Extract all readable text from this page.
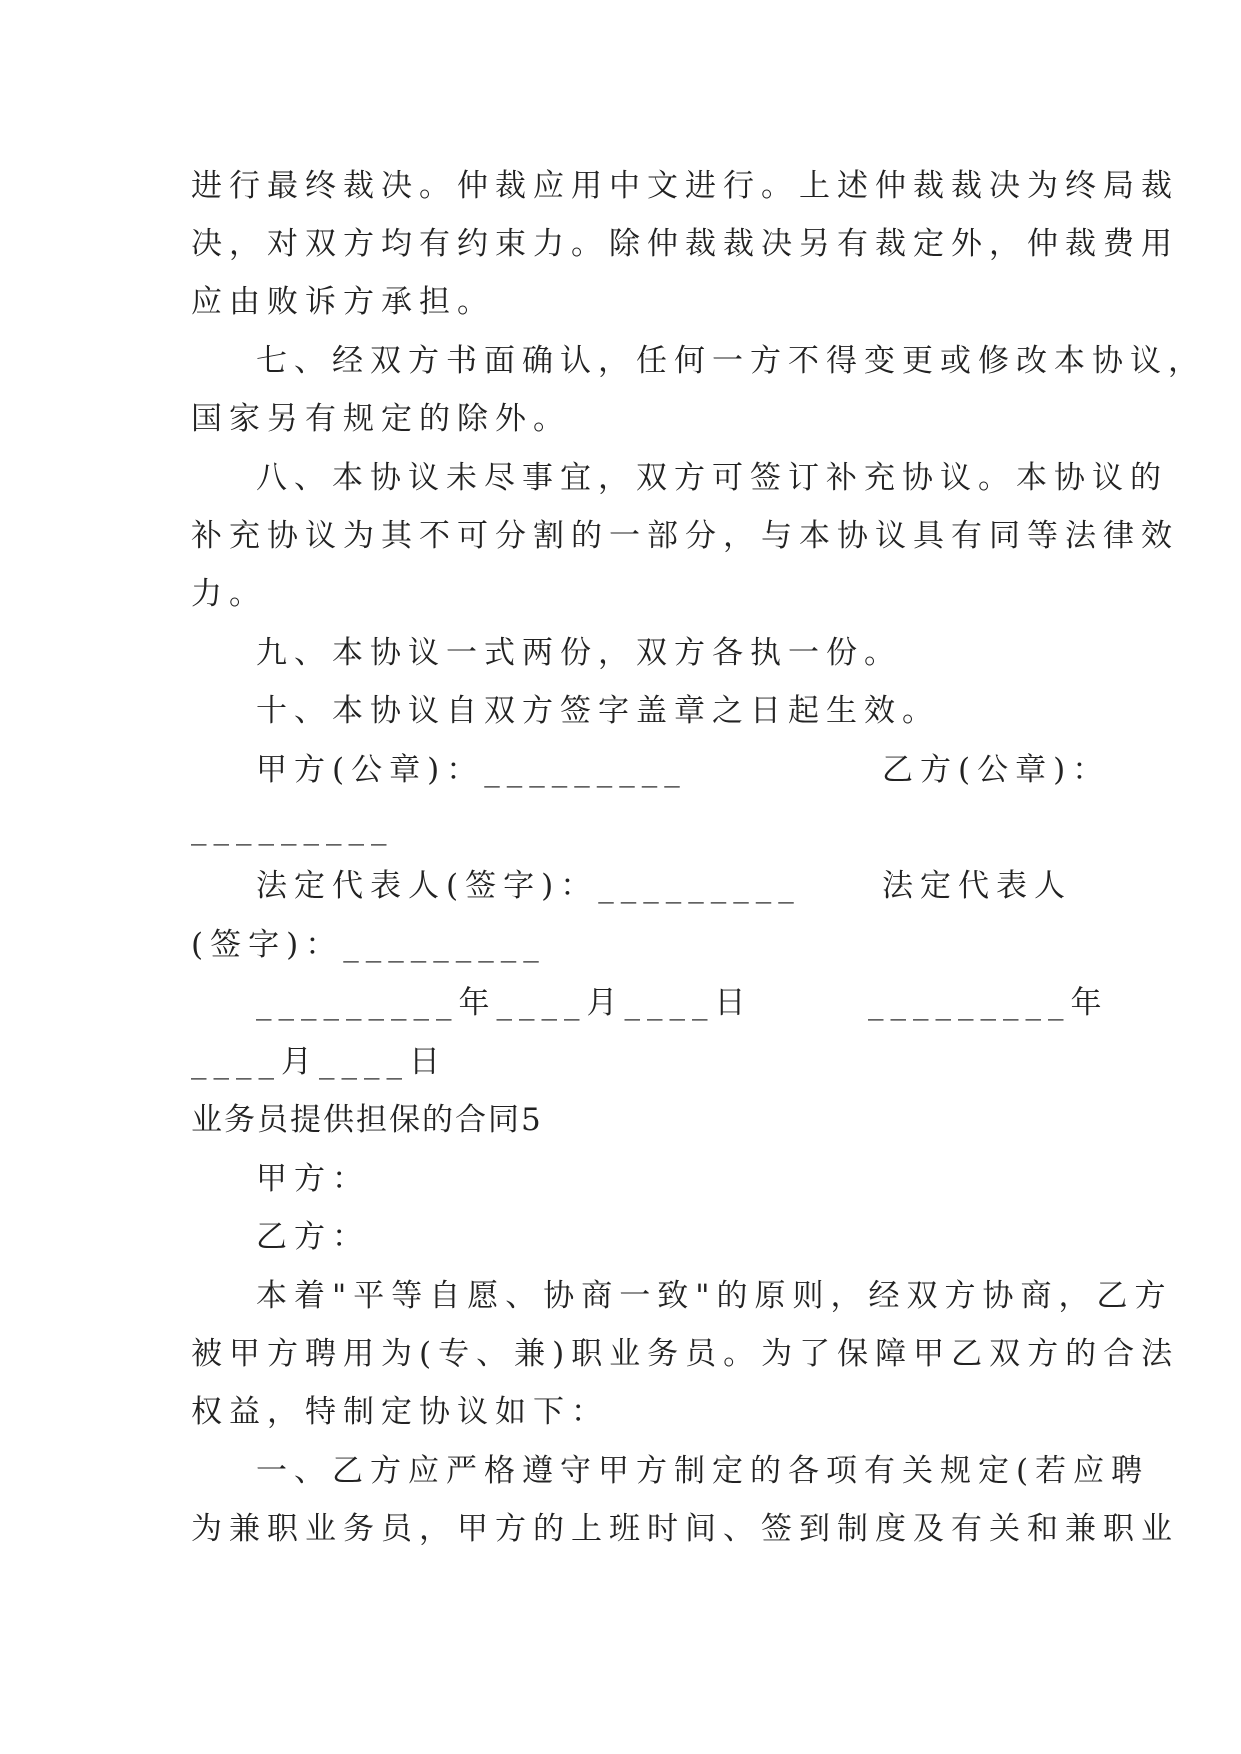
进行最终裁决。仲裁应用中文进行。上述仲裁裁决为终局裁
决，对双方均有约束力。除仲裁裁决另有裁定外，仲裁费用
应由败诉方承担。
七、经双方书面确认，任何一方不得变更或修改本协议，
国家另有规定的除外。
八、本协议未尽事宜，双方可签订补充协议。本协议的
补充协议为其不可分割的一部分，与本协议具有同等法律效
力。
九、本协议一式两份，双方各执一份。
十、本协议自双方签字盖章之日起生效。
甲方(公章)：_________	乙方(公章)：
_________
法定代表人(签字)：_________	法定代表人
(签字)：_________
_________年____月____日	_________年
____月____日
业务员提供担保的合同5
甲方：
乙方：
本着"平等自愿、协商一致"的原则，经双方协商，乙方
被甲方聘用为(专、兼)职业务员。为了保障甲乙双方的合法
权益，特制定协议如下：
一、乙方应严格遵守甲方制定的各项有关规定(若应聘
为兼职业务员，甲方的上班时间、签到制度及有关和兼职业
